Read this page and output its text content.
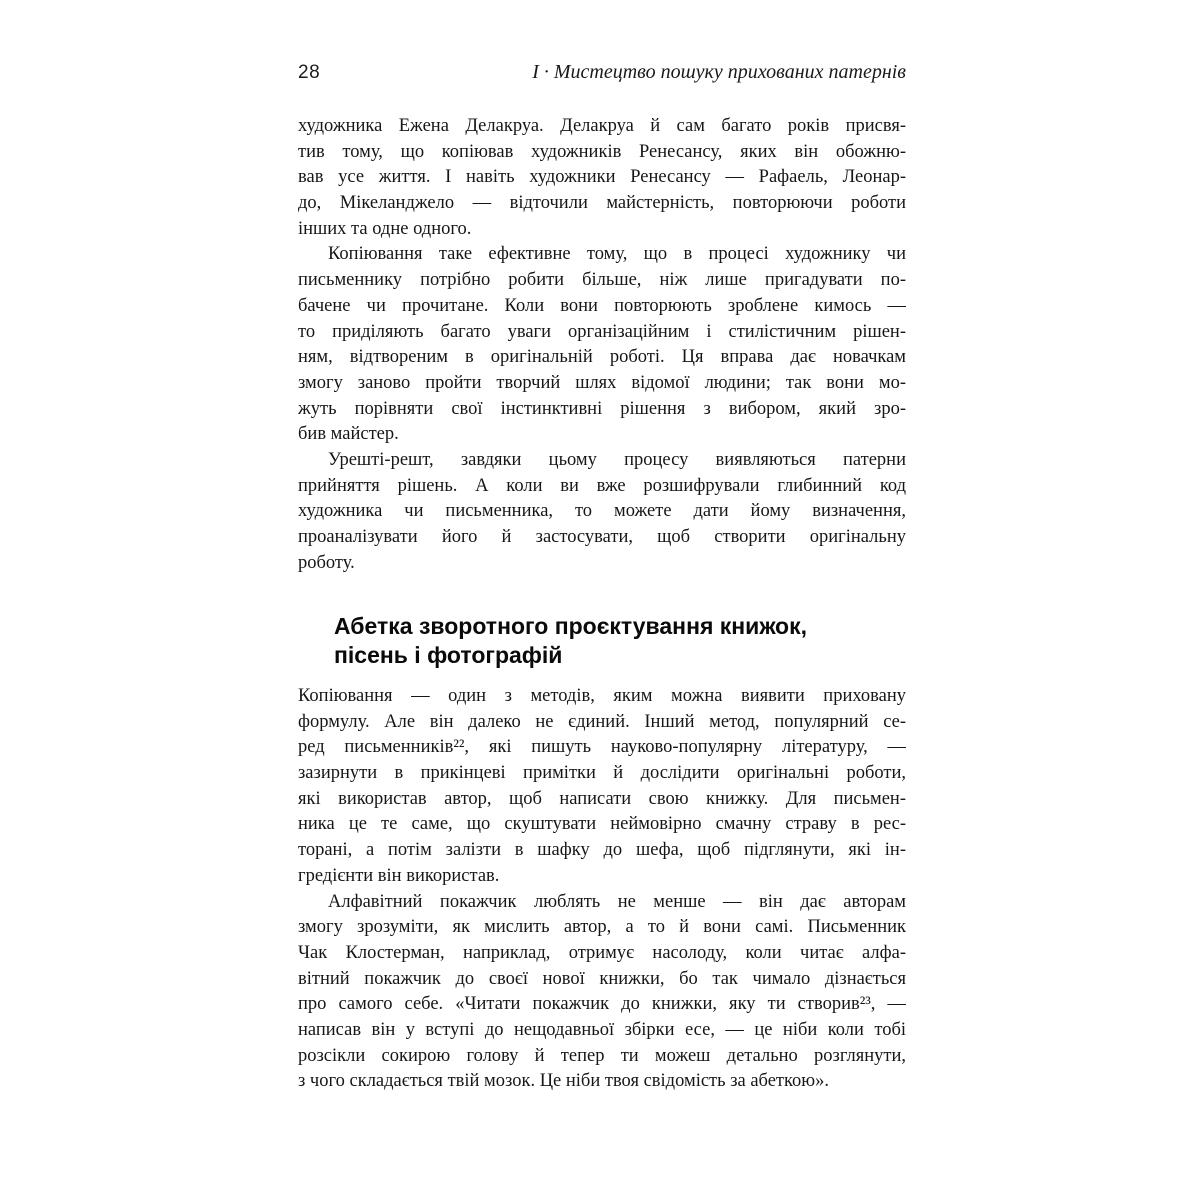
28	I · Мистецтво пошуку прихованих патернів
художника Ежена Делакруа. Делакруа й сам багато років присвя-
тив тому, що копіював художників Ренесансу, яких він обожню-
вав усе життя. І навіть художники Ренесансу — Рафаель, Леонар-
до, Мікеланджело — відточили майстерність, повторюючи роботи
інших та одне одного.
Копіювання таке ефективне тому, що в процесі художнику чи
письменнику потрібно робити більше, ніж лише пригадувати по-
бачене чи прочитане. Коли вони повторюють зроблене кимось —
то приділяють багато уваги організаційним і стилістичним рішен-
ням, відтвореним в оригінальній роботі. Ця вправа дає новачкам
змогу заново пройти творчий шлях відомої людини; так вони мо-
жуть порівняти свої інстинктивні рішення з вибором, який зро-
бив майстер.
Урешті-решт, завдяки цьому процесу виявляються патерни
прийняття рішень. А коли ви вже розшифрували глибинний код
художника чи письменника, то можете дати йому визначення,
проаналізувати його й застосувати, щоб створити оригінальну
роботу.
Абетка зворотного проєктування книжок,
пісень і фотографій
Копіювання — один з методів, яким можна виявити приховану
формулу. Але він далеко не єдиний. Інший метод, популярний се-
ред письменників²², які пишуть науково-популярну літературу, —
зазирнути в прикінцеві примітки й дослідити оригінальні роботи,
які використав автор, щоб написати свою книжку. Для письмен-
ника це те саме, що скуштувати неймовірно смачну страву в рес-
торані, а потім залізти в шафку до шефа, щоб підглянути, які ін-
гредієнти він використав.
Алфавітний покажчик люблять не менше — він дає авторам
змогу зрозуміти, як мислить автор, а то й вони самі. Письменник
Чак Клостерман, наприклад, отримує насолоду, коли читає алфа-
вітний покажчик до своєї нової книжки, бо так чимало дізнається
про самого себе. «Читати покажчик до книжки, яку ти створив²³, —
написав він у вступі до нещодавньої збірки есе, — це ніби коли тобі
розсікли сокирою голову й тепер ти можеш детально розглянути,
з чого складається твій мозок. Це ніби твоя свідомість за абеткою».
